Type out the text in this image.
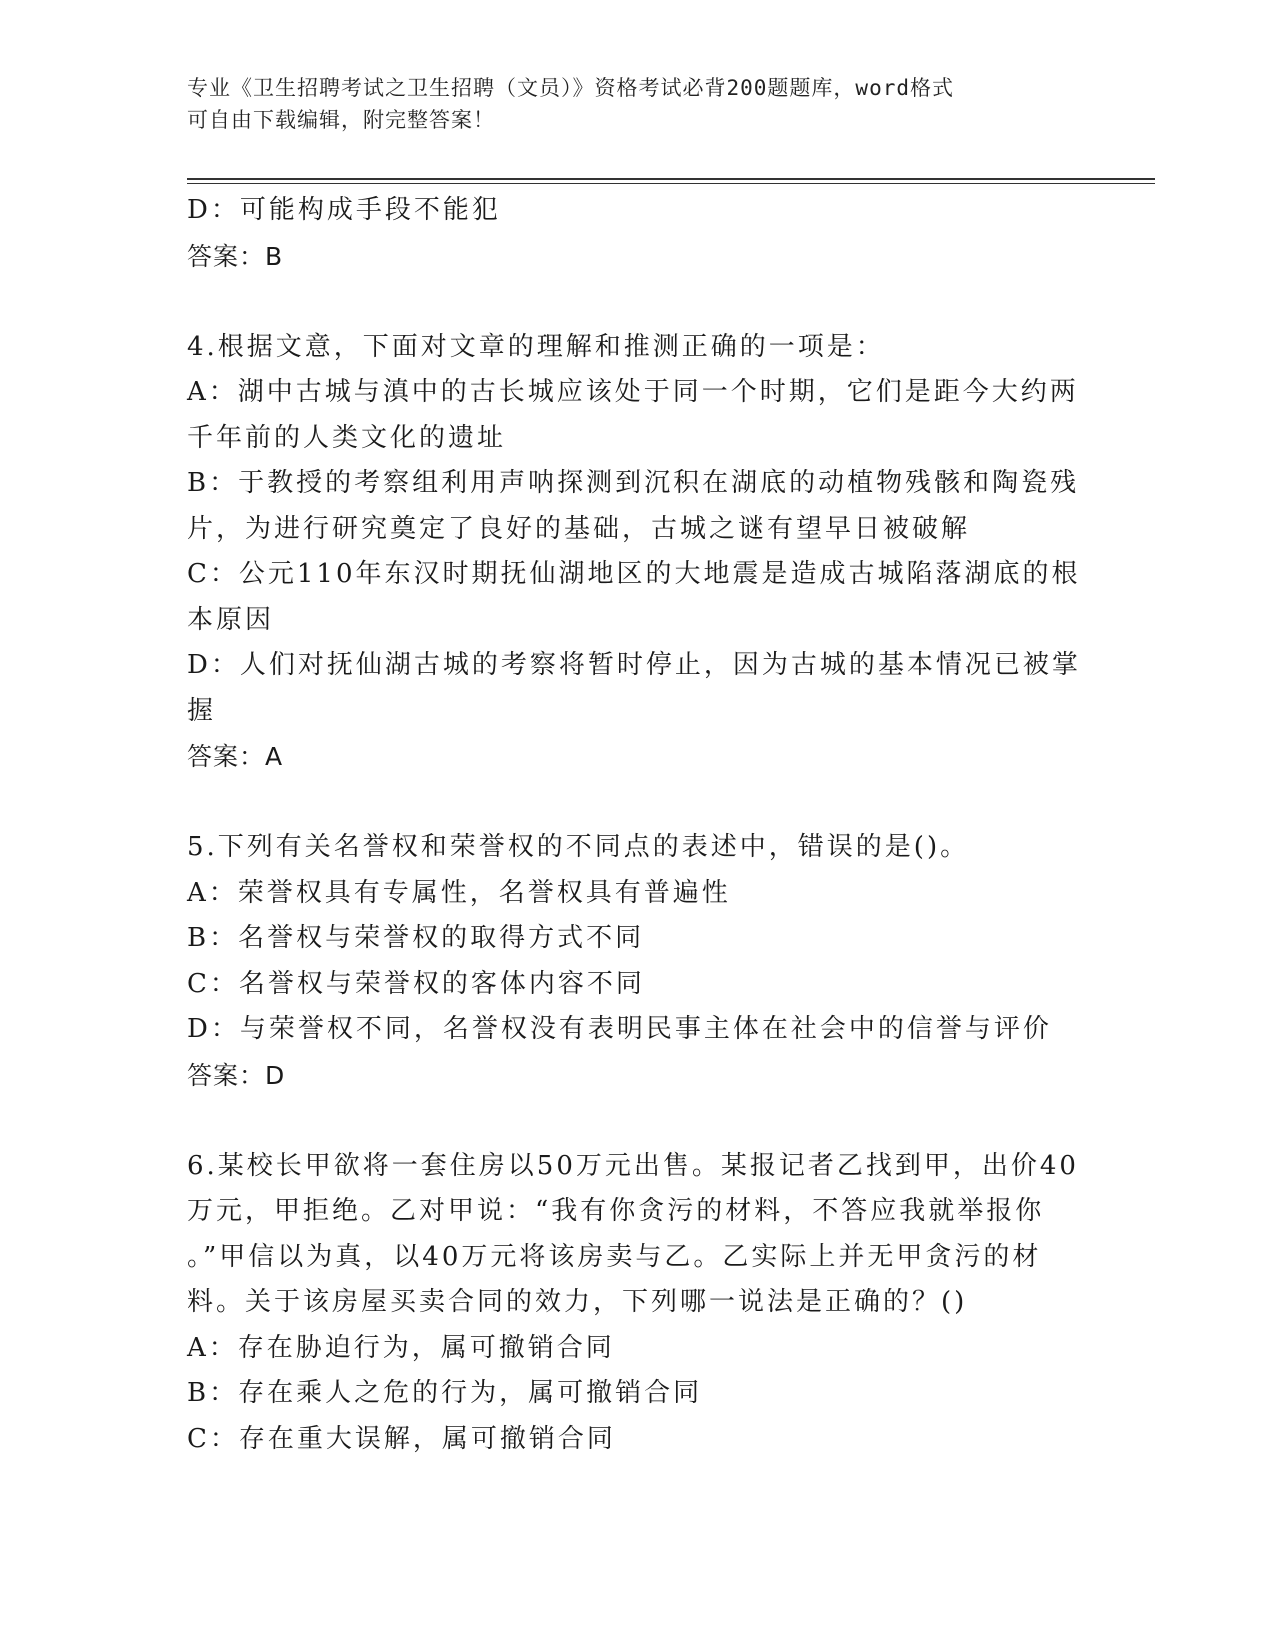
专业《卫生招聘考试之卫生招聘（文员）》资格考试必背200题题库，word格式
可自由下载编辑，附完整答案！
D：可能构成手段不能犯
答案：B
4.根据文意，下面对文章的理解和推测正确的一项是：
A：湖中古城与滇中的古长城应该处于同一个时期，它们是距今大约两
千年前的人类文化的遗址
B：于教授的考察组利用声呐探测到沉积在湖底的动植物残骸和陶瓷残
片，为进行研究奠定了良好的基础，古城之谜有望早日被破解
C：公元110年东汉时期抚仙湖地区的大地震是造成古城陷落湖底的根
本原因
D：人们对抚仙湖古城的考察将暂时停止，因为古城的基本情况已被掌
握
答案：A
5.下列有关名誉权和荣誉权的不同点的表述中，错误的是()。
A：荣誉权具有专属性，名誉权具有普遍性
B：名誉权与荣誉权的取得方式不同
C：名誉权与荣誉权的客体内容不同
D：与荣誉权不同，名誉权没有表明民事主体在社会中的信誉与评价
答案：D
6.某校长甲欲将一套住房以50万元出售。某报记者乙找到甲，出价40
万元，甲拒绝。乙对甲说：“我有你贪污的材料，不答应我就举报你
。”甲信以为真，以40万元将该房卖与乙。乙实际上并无甲贪污的材
料。关于该房屋买卖合同的效力，下列哪一说法是正确的？()
A：存在胁迫行为，属可撤销合同
B：存在乘人之危的行为，属可撤销合同
C：存在重大误解，属可撤销合同
